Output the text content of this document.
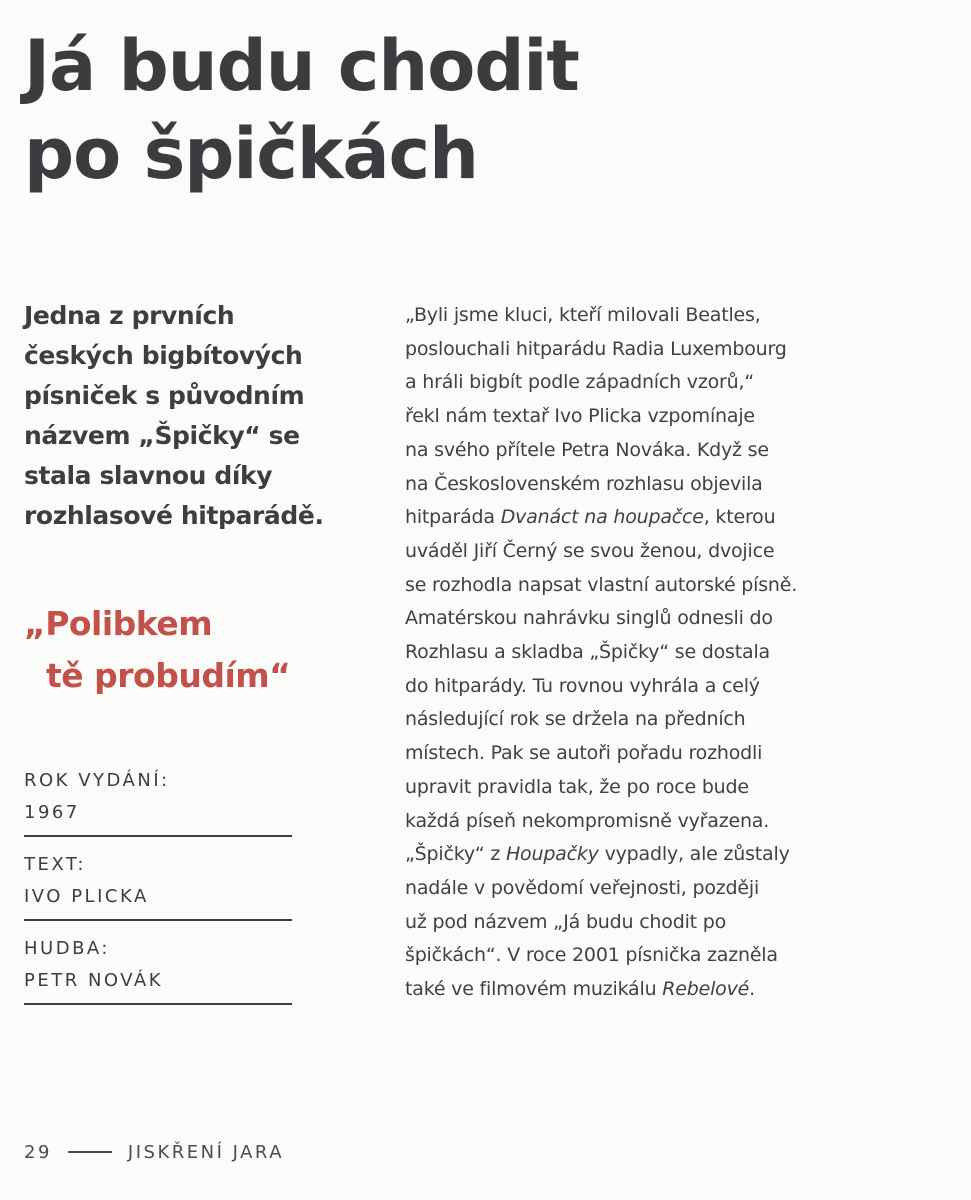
Já budu chodit
po špičkách
Jedna z prvních
českých bigbítových
písniček s původním
názvem „Špičky“ se
stala slavnou díky
rozhlasové hitparádě.
„Polibkem
tě probudím“
ROK VYDÁNÍ:
1967
TEXT:
IVO PLICKA
HUDBA:
PETR NOVÁK
„Byli jsme kluci, kteří milovali Beatles,
poslouchali hitparádu Radia Luxembourg
a hráli bigbít podle západních vzorů,“
řekl nám textař Ivo Plicka vzpomínaje
na svého přítele Petra Nováka. Když se
na Československém rozhlasu objevila
hitparáda Dvanáct na houpačce, kterou
uváděl Jiří Černý se svou ženou, dvojice
se rozhodla napsat vlastní autorské písně.
Amatérskou nahrávku singlů odnesli do
Rozhlasu a skladba „Špičky“ se dostala
do hitparády. Tu rovnou vyhrála a celý
následující rok se držela na předních
místech. Pak se autoři pořadu rozhodli
upravit pravidla tak, že po roce bude
každá píseň nekompromisně vyřazena.
„Špičky“ z Houpačky vypadly, ale zůstaly
nadále v povědomí veřejnosti, později
už pod názvem „Já budu chodit po
špičkách“. V roce 2001 písnička zazněla
také ve filmovém muzikálu Rebelové.
29	JISKŘENÍ JARA
